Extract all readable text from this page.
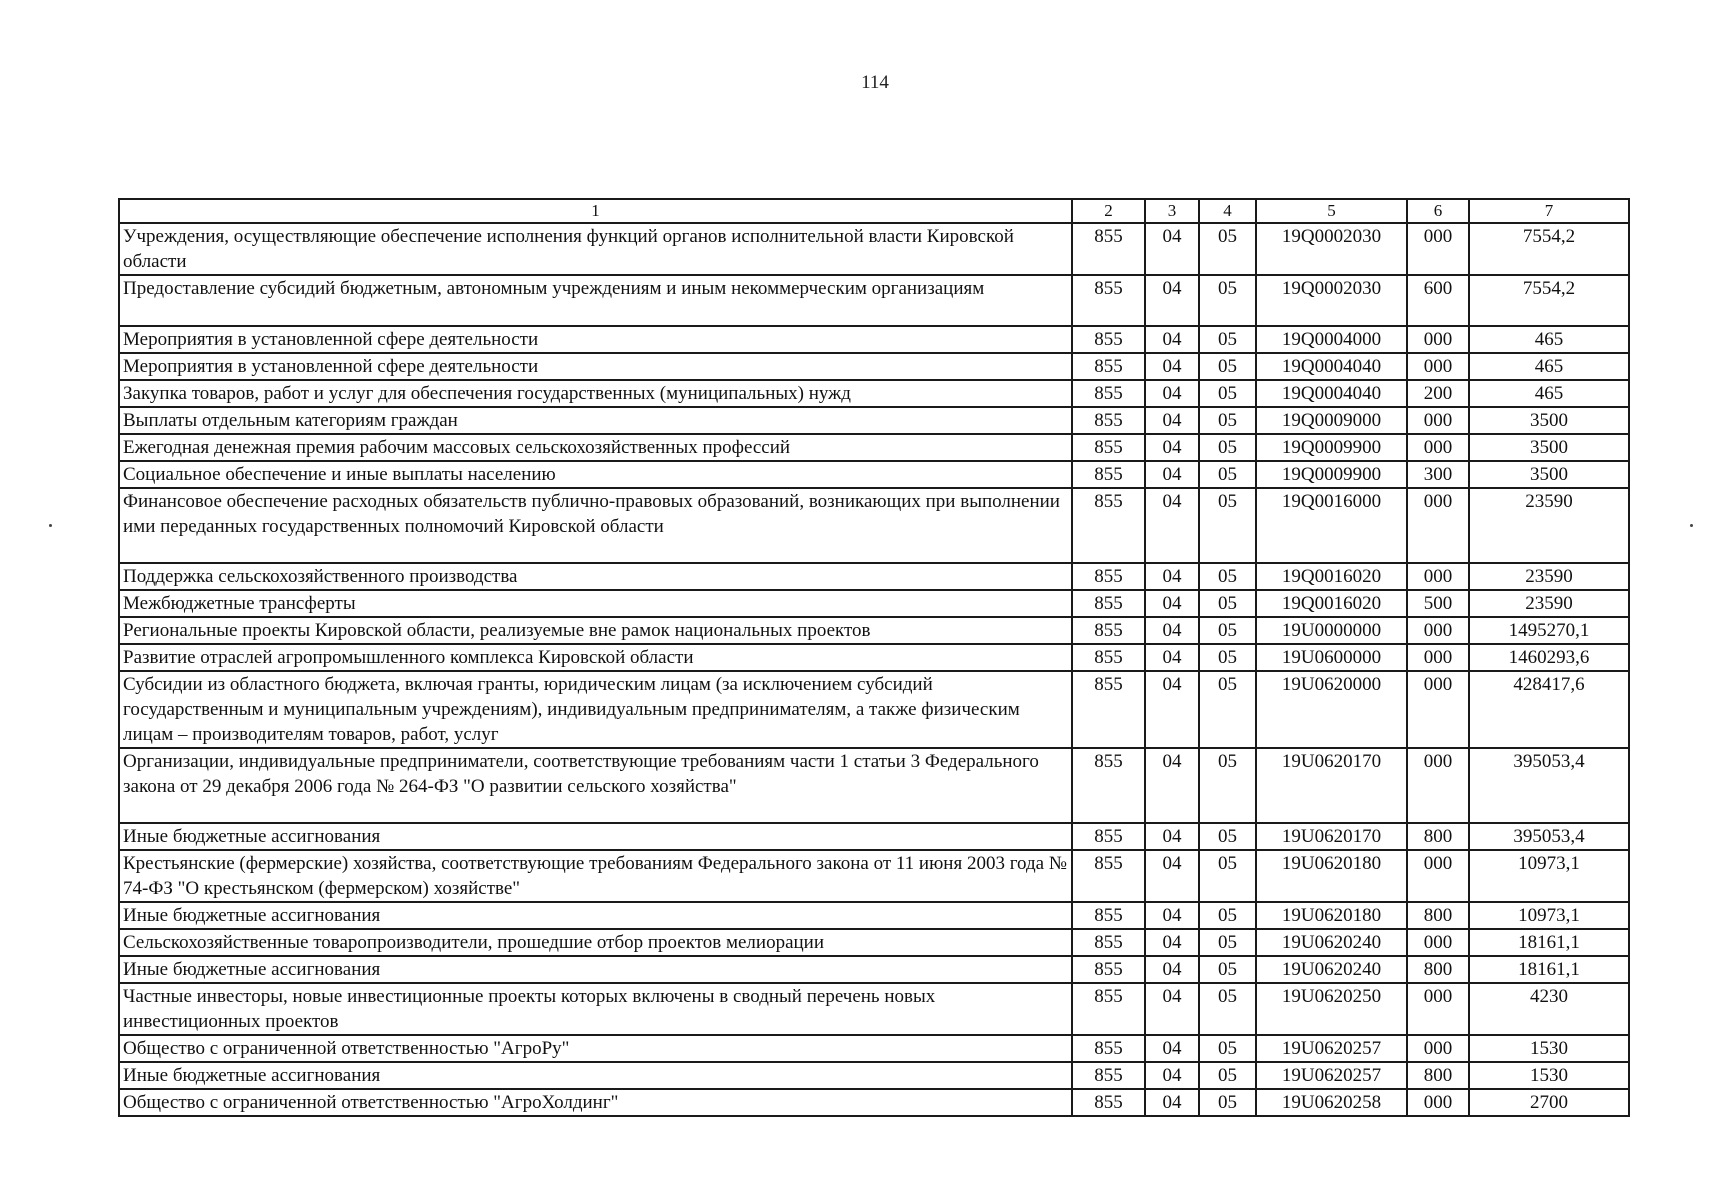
114
1	2	3	4	5	6	7
Учреждения, осуществляющие обеспечение исполнения функций органов исполнительной власти Кировской области	855	04	05	19Q0002030	000	7554,2
Предоставление субсидий бюджетным, автономным учреждениям и иным некоммерческим организациям	855	04	05	19Q0002030	600	7554,2
Мероприятия в установленной сфере деятельности	855	04	05	19Q0004000	000	465
Мероприятия в установленной сфере деятельности	855	04	05	19Q0004040	000	465
Закупка товаров, работ и услуг для обеспечения государственных (муниципальных) нужд	855	04	05	19Q0004040	200	465
Выплаты отдельным категориям граждан	855	04	05	19Q0009000	000	3500
Ежегодная денежная премия рабочим массовых сельскохозяйственных профессий	855	04	05	19Q0009900	000	3500
Социальное обеспечение и иные выплаты населению	855	04	05	19Q0009900	300	3500
Финансовое обеспечение расходных обязательств публично-правовых образований, возникающих при выполнении ими переданных государственных полномочий Кировской области	855	04	05	19Q0016000	000	23590
Поддержка сельскохозяйственного производства	855	04	05	19Q0016020	000	23590
Межбюджетные трансферты	855	04	05	19Q0016020	500	23590
Региональные проекты Кировской области, реализуемые вне рамок национальных проектов	855	04	05	19U0000000	000	1495270,1
Развитие отраслей агропромышленного комплекса Кировской области	855	04	05	19U0600000	000	1460293,6
Субсидии из областного бюджета, включая гранты, юридическим лицам (за исключением субсидий государственным и муниципальным учреждениям), индивидуальным предпринимателям, а также физическим лицам – производителям товаров, работ, услуг	855	04	05	19U0620000	000	428417,6
Организации, индивидуальные предприниматели, соответствующие требованиям части 1 статьи 3 Федерального закона от 29 декабря 2006 года № 264-ФЗ "О развитии сельского хозяйства"	855	04	05	19U0620170	000	395053,4
Иные бюджетные ассигнования	855	04	05	19U0620170	800	395053,4
Крестьянские (фермерские) хозяйства, соответствующие требованиям Федерального закона от 11 июня 2003 года № 74-ФЗ "О крестьянском (фермерском) хозяйстве"	855	04	05	19U0620180	000	10973,1
Иные бюджетные ассигнования	855	04	05	19U0620180	800	10973,1
Сельскохозяйственные товаропроизводители, прошедшие отбор проектов мелиорации	855	04	05	19U0620240	000	18161,1
Иные бюджетные ассигнования	855	04	05	19U0620240	800	18161,1
Частные инвесторы, новые инвестиционные проекты которых включены в сводный перечень новых инвестиционных проектов	855	04	05	19U0620250	000	4230
Общество с ограниченной ответственностью "АгроРу"	855	04	05	19U0620257	000	1530
Иные бюджетные ассигнования	855	04	05	19U0620257	800	1530
Общество с ограниченной ответственностью "АгроХолдинг"	855	04	05	19U0620258	000	2700
